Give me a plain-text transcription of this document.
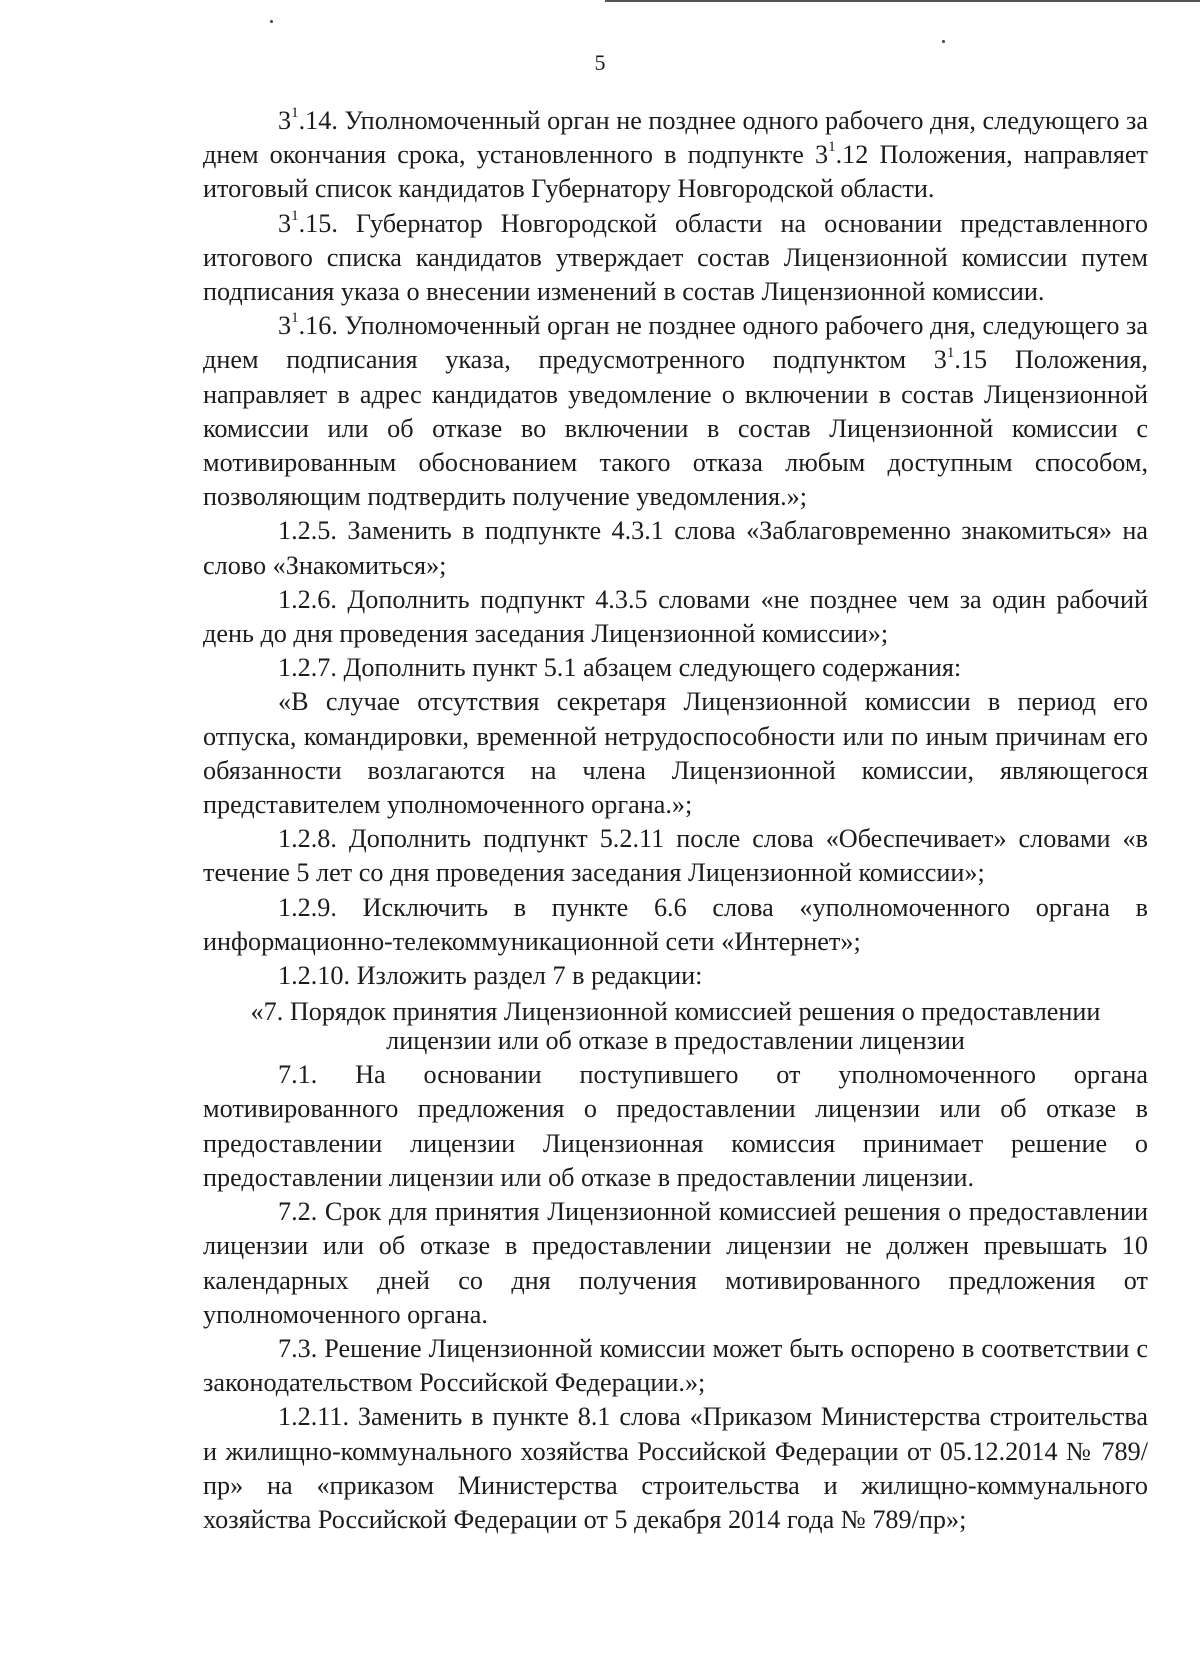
5

$3^1.14$. Уполномоченный орган не позднее одного рабочего дня, следующего за днем окончания срока, установленного в подпункте $3^1.12$ Положения, направляет итоговый список кандидатов Губернатору Новгородской области.

$3^1.15$. Губернатор Новгородской области на основании представленного итогового списка кандидатов утверждает состав Лицензионной комиссии путем подписания указа о внесении изменений в состав Лицензионной комиссии.

$3^1.16$. Уполномоченный орган не позднее одного рабочего дня, следующего за днем подписания указа, предусмотренного подпунктом $3^1.15$ Положения, направляет в адрес кандидатов уведомление о включении в состав Лицензионной комиссии или об отказе во включении в состав Лицензионной комиссии с мотивированным обоснованием такого отказа любым доступным способом, позволяющим подтвердить получение уведомления.»;

1.2.5. Заменить в подпункте 4.3.1 слова «Заблаговременно знакомиться» на слово «Знакомиться»;

1.2.6. Дополнить подпункт 4.3.5 словами «не позднее чем за один рабочий день до дня проведения заседания Лицензионной комиссии»;

1.2.7. Дополнить пункт 5.1 абзацем следующего содержания:

«В случае отсутствия секретаря Лицензионной комиссии в период его отпуска, командировки, временной нетрудоспособности или по иным причинам его обязанности возлагаются на члена Лицензионной комиссии, являющегося представителем уполномоченного органа.»;

1.2.8. Дополнить подпункт 5.2.11 после слова «Обеспечивает» словами «в течение 5 лет со дня проведения заседания Лицензионной комиссии»;

1.2.9. Исключить в пункте 6.6 слова «уполномоченного органа в информационно-телекоммуникационной сети «Интернет»;

1.2.10. Изложить раздел 7 в редакции:

«7. Порядок принятия Лицензионной комиссией решения о предоставлении
лицензии или об отказе в предоставлении лицензии

7.1. На основании поступившего от уполномоченного органа мотивированного предложения о предоставлении лицензии или об отказе в предоставлении лицензии Лицензионная комиссия принимает решение о предоставлении лицензии или об отказе в предоставлении лицензии.

7.2. Срок для принятия Лицензионной комиссией решения о предоставлении лицензии или об отказе в предоставлении лицензии не должен превышать 10 календарных дней со дня получения мотивированного предложения от уполномоченного органа.

7.3. Решение Лицензионной комиссии может быть оспорено в соответствии с законодательством Российской Федерации.»;

1.2.11. Заменить в пункте 8.1 слова «Приказом Министерства строительства и жилищно-коммунального хозяйства Российской Федерации от 05.12.2014 № 789/пр» на «приказом Министерства строительства и жилищно-коммунального хозяйства Российской Федерации от 5 декабря 2014 года № 789/пр»;
